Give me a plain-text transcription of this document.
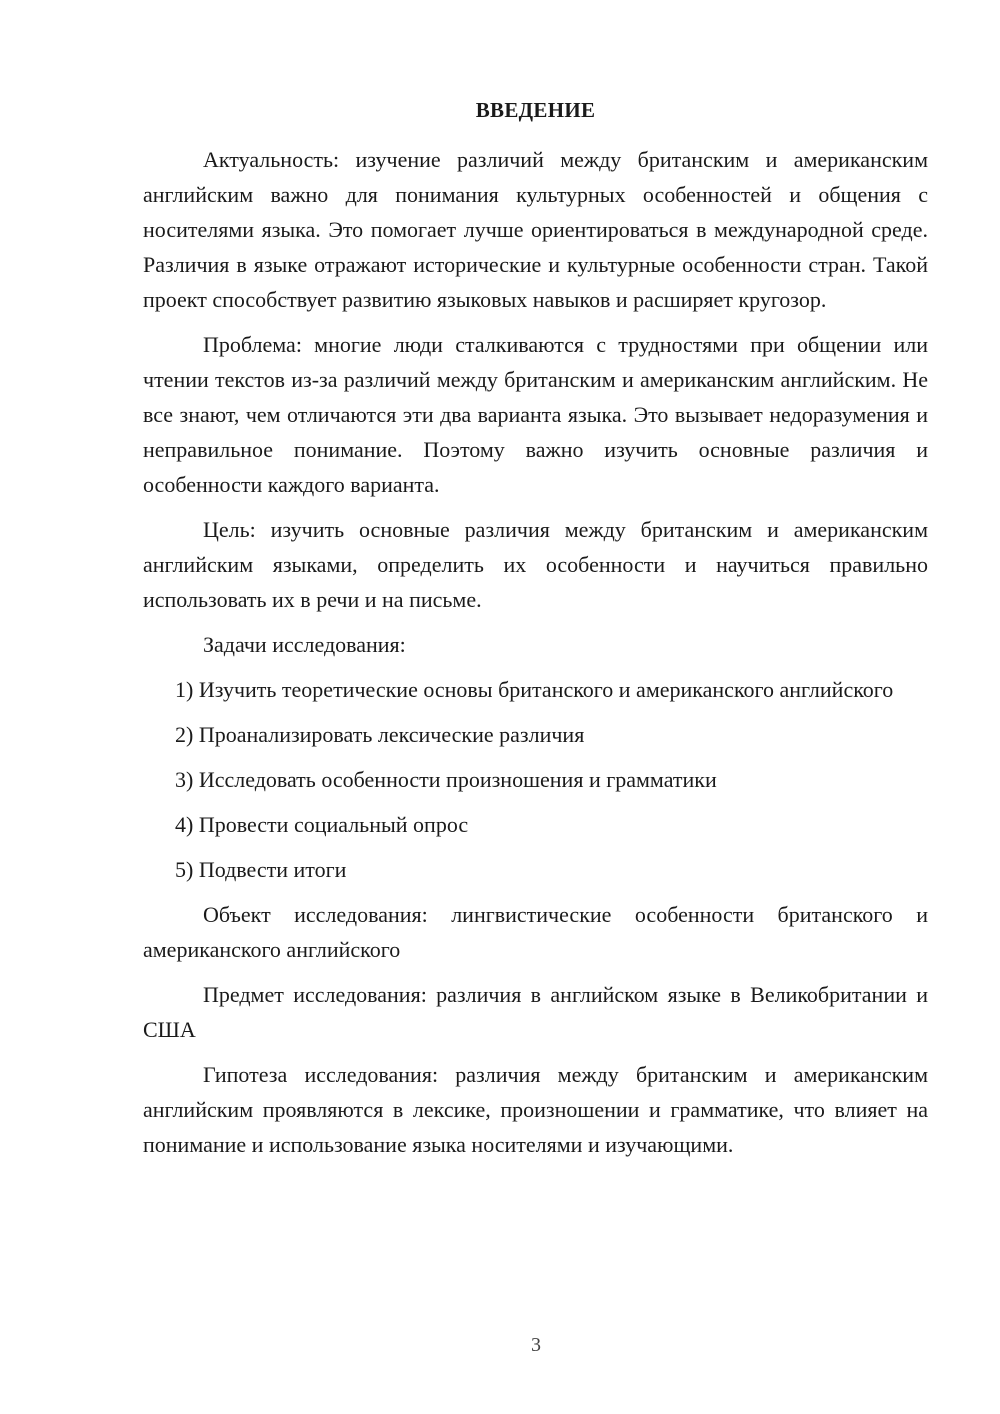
ВВЕДЕНИЕ

Актуальность: изучение различий между британским и американским английским важно для понимания культурных особенностей и общения с носителями языка. Это помогает лучше ориентироваться в международной среде. Различия в языке отражают исторические и культурные особенности стран. Такой проект способствует развитию языковых навыков и расширяет кругозор.

Проблема: многие люди сталкиваются с трудностями при общении или чтении текстов из-за различий между британским и американским английским. Не все знают, чем отличаются эти два варианта языка. Это вызывает недоразумения и неправильное понимание. Поэтому важно изучить основные различия и особенности каждого варианта.

Цель: изучить основные различия между британским и американским английским языками, определить их особенности и научиться правильно использовать их в речи и на письме.

Задачи исследования:

1) Изучить теоретические основы британского и американского английского

2) Проанализировать лексические различия

3) Исследовать особенности произношения и грамматики

4) Провести социальный опрос

5) Подвести итоги

Объект исследования: лингвистические особенности британского и американского английского

Предмет исследования: различия в английском языке в Великобритании и США

Гипотеза исследования: различия между британским и американским английским проявляются в лексике, произношении и грамматике, что влияет на понимание и использование языка носителями и изучающими.

3
